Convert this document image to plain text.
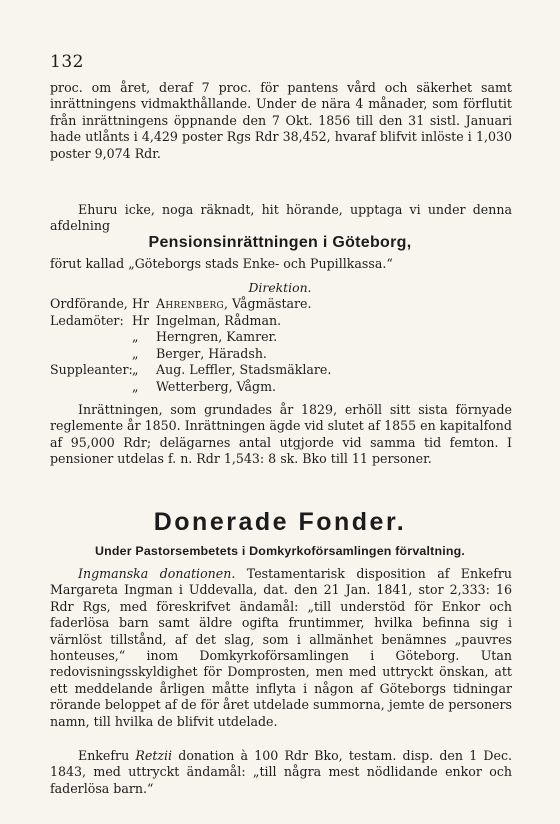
132

proc. om året, deraf 7 proc. för pantens vård och säkerhet samt inrättningens vidmakthållande. Under de nära 4 månader, som förflutit från inrättningens öppnande den 7 Okt. 1856 till den 31 sistl. Januari hade utlånts i 4,429 poster Rgs Rdr 38,452, hvaraf blifvit inlöste i 1,030 poster 9,074 Rdr.

Ehuru icke, noga räknadt, hit hörande, upptaga vi under denna afdelning

Pensionsinrättningen i Göteborg,

förut kallad „Göteborgs stads Enke- och Pupillkassa.“

Direktion.
Ordförande, Hr Ahrenberg , Vågmästare.
Ledamöter: Hr Ingelman , Rådman.
„	Herngren , Kamrer.
„	Berger , Häradsh.
Suppleanter: „	Aug. Leffler , Stadsmäklare.
„	Wetterberg , Vågm.

Inrättningen, som grundades år 1829, erhöll sitt sista förnyade reglemente år 1850. Inrättningen ägde vid slutet af 1855 en kapitalfond af 95,000 Rdr; delägarnes antal utgjorde vid samma tid femton. I pensioner utdelas f. n. Rdr 1,543: 8 sk. Bko till 11 personer.

Donerade Fonder.
Under Pastorsembetets i Domkyrkoförsamlingen förvaltning.

Ingmanska donationen. Testamentarisk disposition af Enkefru Margareta Ingman i Uddevalla, dat. den 21 Jan. 1841, stor 2,333: 16 Rdr Rgs, med föreskrifvet ändamål: „till understöd för Enkor och faderlösa barn samt äldre ogifta fruntimmer, hvilka befinna sig i värnlöst tillstånd, af det slag, som i allmänhet benämnes „pauvres honteuses,“ inom Domkyrkoförsamlingen i Göteborg. Utan redovisningsskyldighet för Domprosten, men med uttryckt önskan, att ett meddelande årligen måtte inflyta i någon af Göteborgs tidningar rörande beloppet af de för året utdelade summorna, jemte de personers namn, till hvilka de blifvit utdelade.

Enkefru Retzii donation à 100 Rdr Bko, testam. disp. den 1 Dec. 1843, med uttryckt ändamål: „till några mest nödlidande enkor och faderlösa barn.“
